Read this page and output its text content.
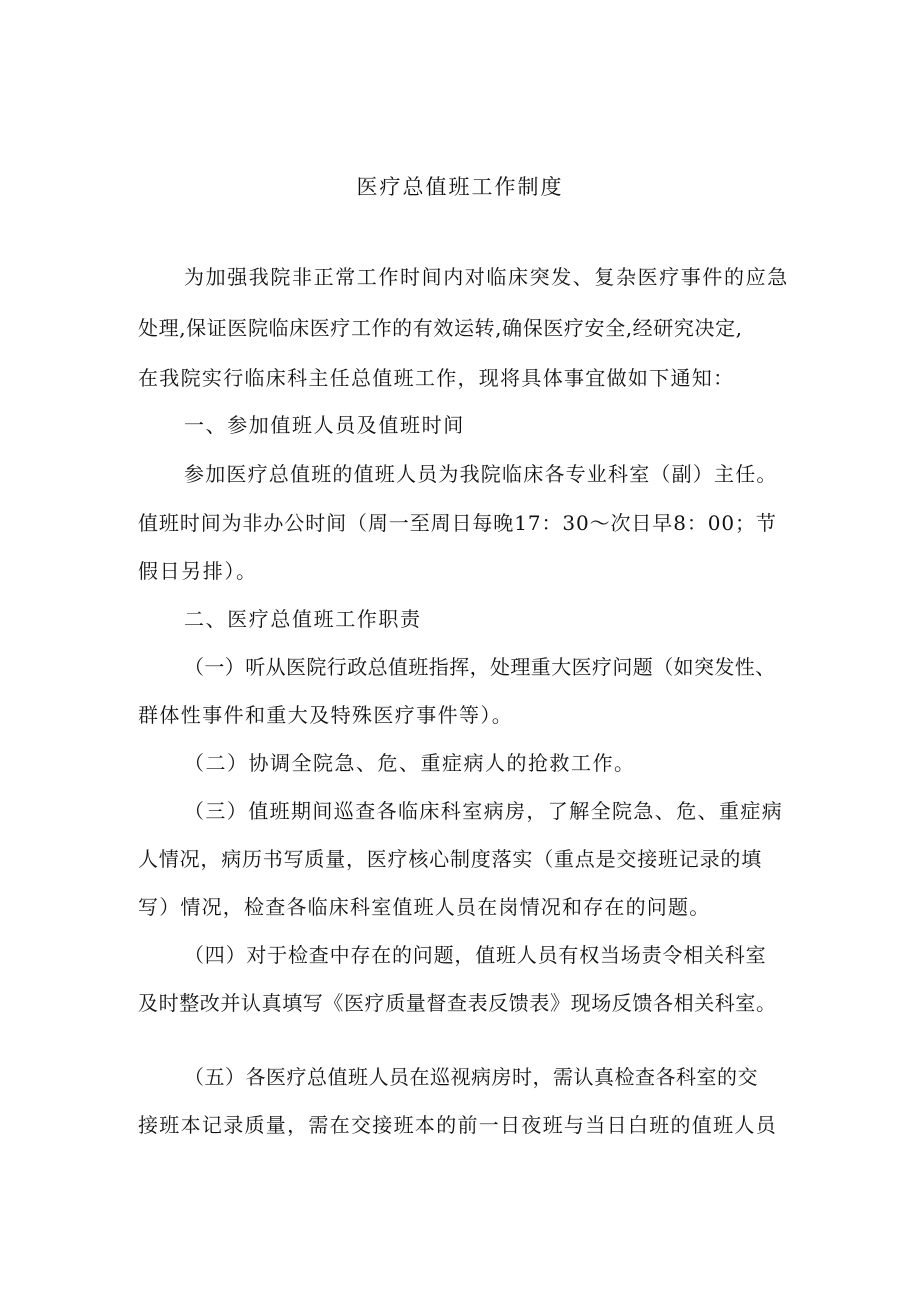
医疗总值班工作制度

为加强我院非正常工作时间内对临床突发、复杂医疗事件的应急

处理,保证医院临床医疗工作的有效运转,确保医疗安全,经研究决定,

在我院实行临床科主任总值班工作，现将具体事宜做如下通知：

一、参加值班人员及值班时间

参加医疗总值班的值班人员为我院临床各专业科室（副）主任。

值班时间为非办公时间（周一至周日每晚17：30～次日早8：00；节

假日另排）。

二、医疗总值班工作职责

（一）听从医院行政总值班指挥，处理重大医疗问题（如突发性、

群体性事件和重大及特殊医疗事件等）。

（二）协调全院急、危、重症病人的抢救工作。

（三）值班期间巡查各临床科室病房，了解全院急、危、重症病

人情况，病历书写质量，医疗核心制度落实（重点是交接班记录的填

写）情况，检查各临床科室值班人员在岗情况和存在的问题。

（四）对于检查中存在的问题，值班人员有权当场责令相关科室

及时整改并认真填写《医疗质量督查表反馈表》现场反馈各相关科室。

（五）各医疗总值班人员在巡视病房时，需认真检查各科室的交

接班本记录质量，需在交接班本的前一日夜班与当日白班的值班人员
